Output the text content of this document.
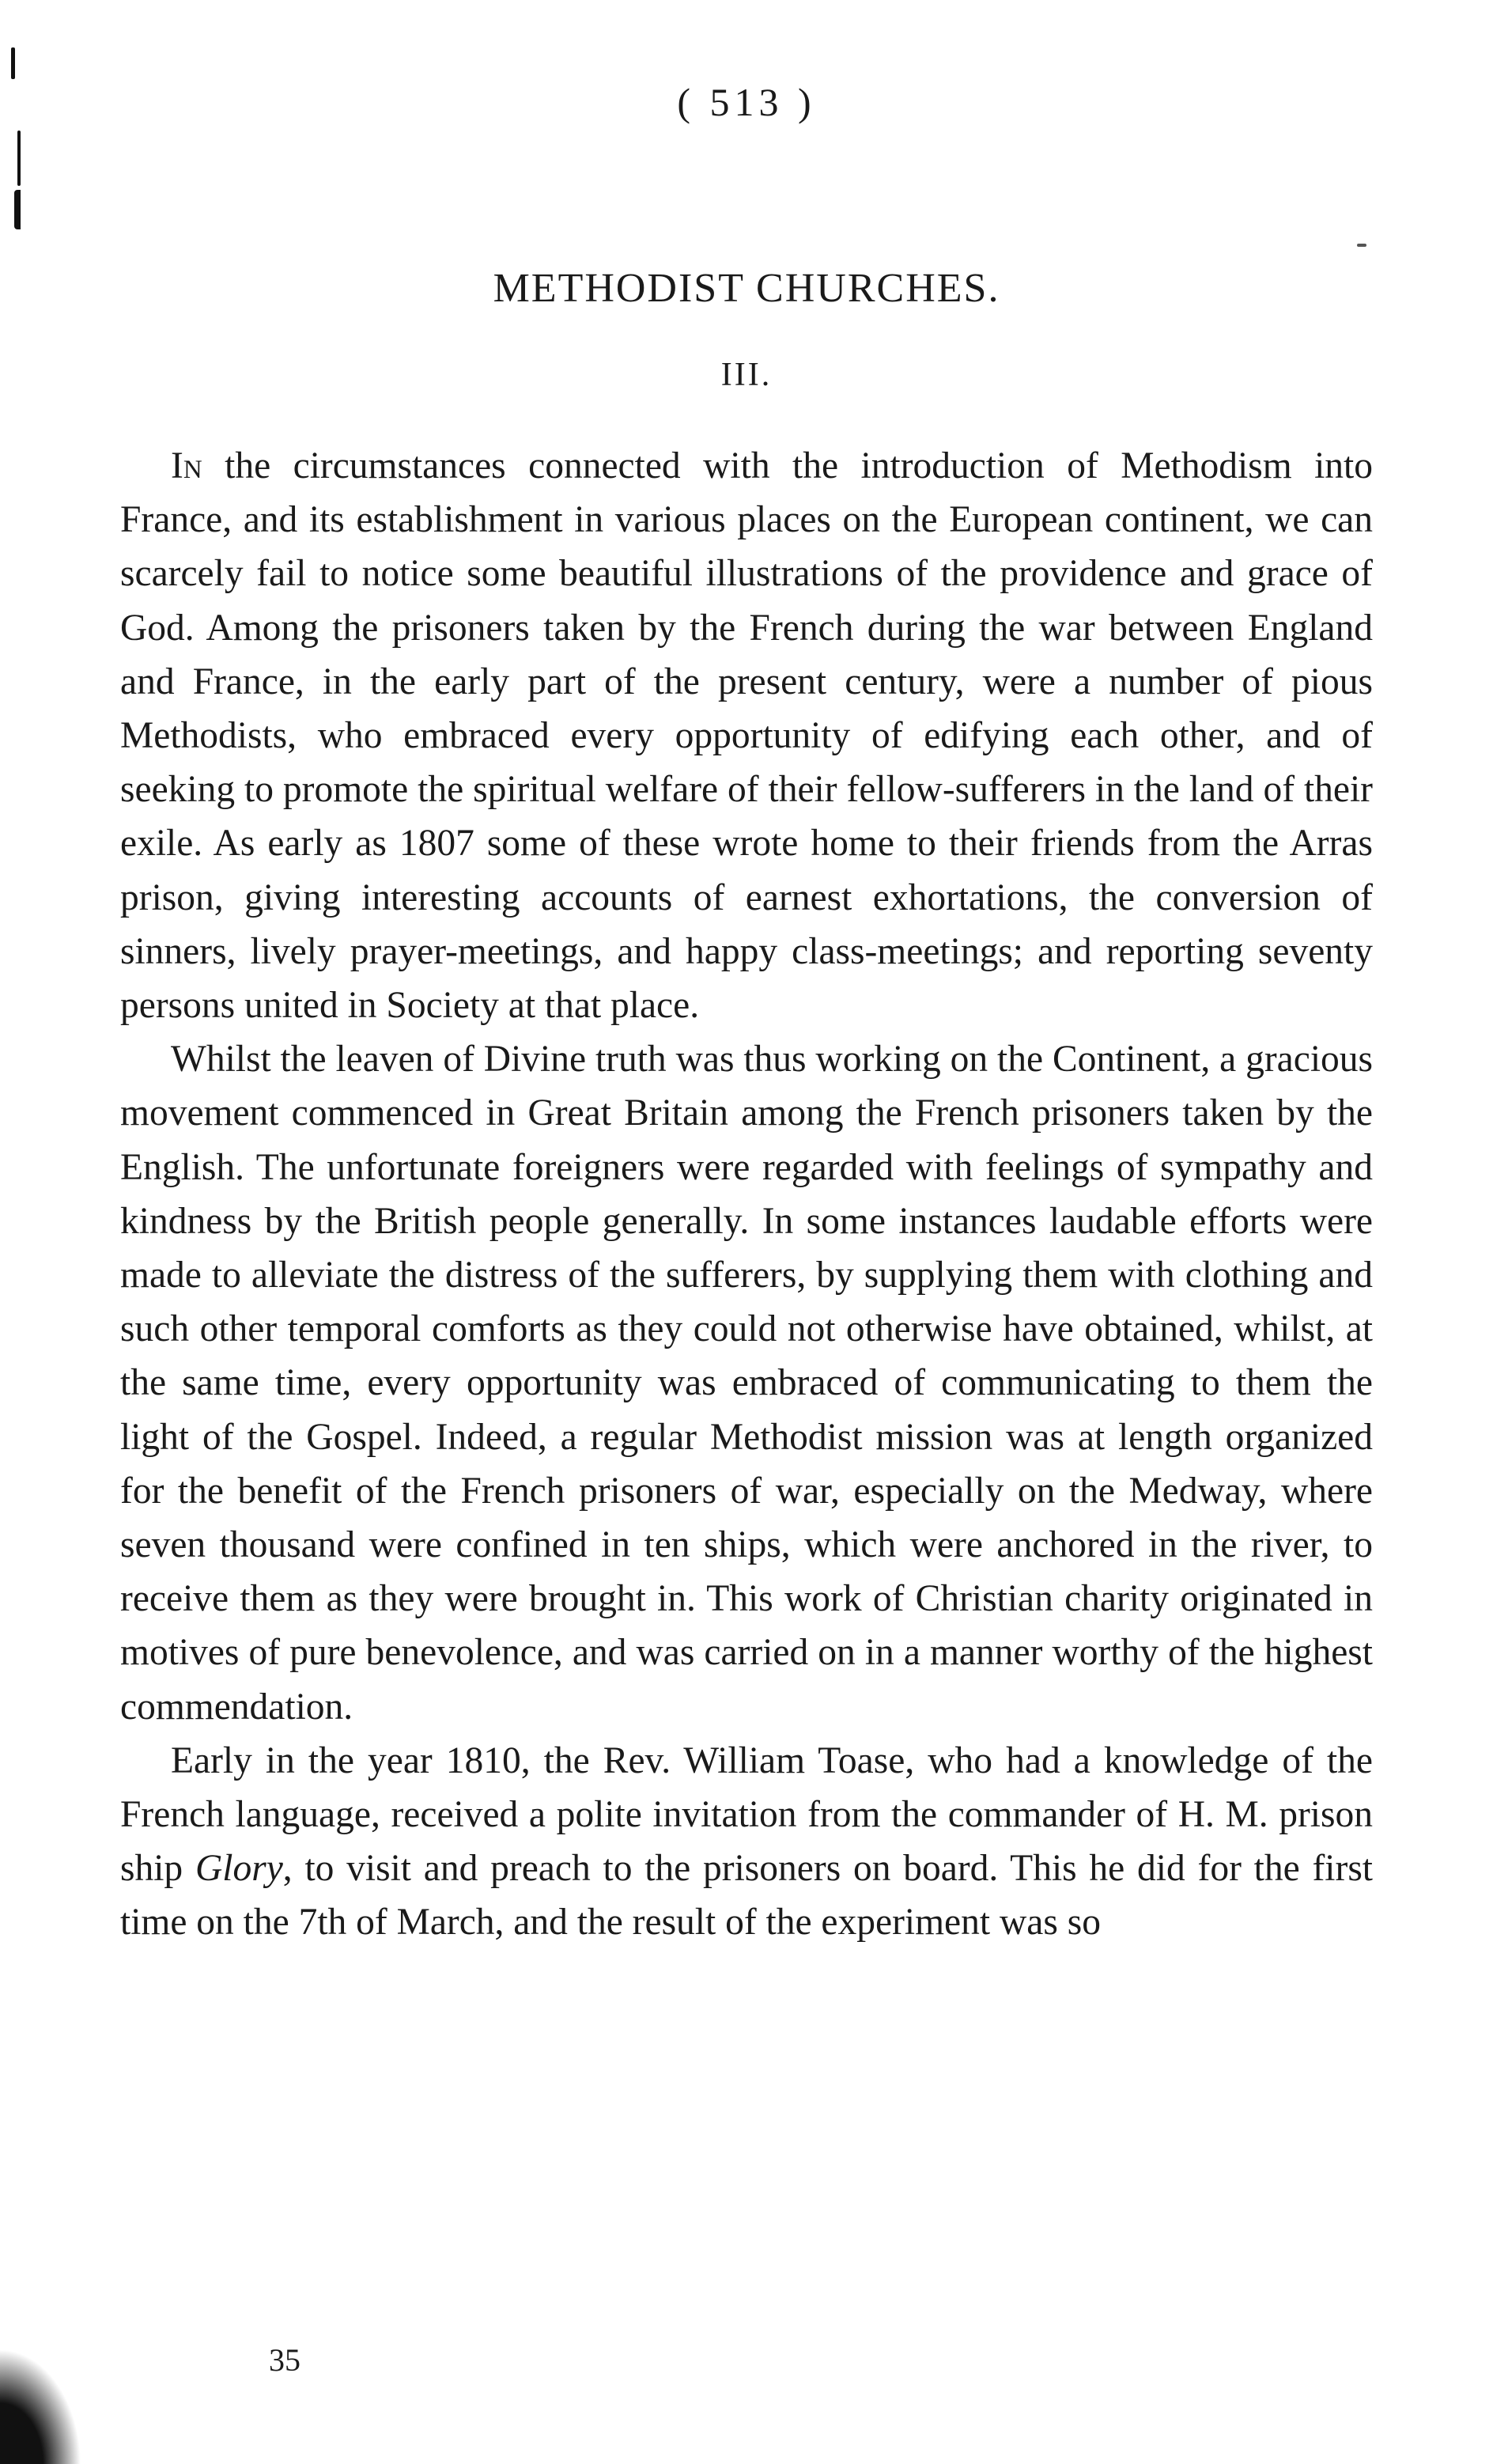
( 513 )
METHODIST CHURCHES.
III.

In the circumstances connected with the introduction of Methodism into France, and its establishment in various places on the European continent, we can scarcely fail to notice some beautiful illustrations of the providence and grace of God. Among the prisoners taken by the French during the war between England and France, in the early part of the present century, were a number of pious Methodists, who embraced every opportunity of edifying each other, and of seeking to promote the spiritual welfare of their fellow-sufferers in the land of their exile. As early as 1807 some of these wrote home to their friends from the Arras prison, giving interesting accounts of earnest exhortations, the conversion of sinners, lively prayer-meetings, and happy class-meetings; and reporting seventy persons united in Society at that place.

Whilst the leaven of Divine truth was thus working on the Continent, a gracious movement commenced in Great Britain among the French prisoners taken by the English. The unfortunate foreigners were regarded with feelings of sympathy and kindness by the British people generally. In some instances laudable efforts were made to alleviate the distress of the sufferers, by supplying them with clothing and such other temporal comforts as they could not otherwise have obtained, whilst, at the same time, every opportunity was embraced of communicating to them the light of the Gospel. Indeed, a regular Methodist mission was at length organized for the benefit of the French prisoners of war, especially on the Medway, where seven thousand were confined in ten ships, which were anchored in the river, to receive them as they were brought in. This work of Christian charity originated in motives of pure benevolence, and was carried on in a manner worthy of the highest commendation.

Early in the year 1810, the Rev. William Toase, who had a knowledge of the French language, received a polite invitation from the commander of H. M. prison ship Glory, to visit and preach to the prisoners on board. This he did for the first time on the 7th of March, and the result of the experiment was so

35
